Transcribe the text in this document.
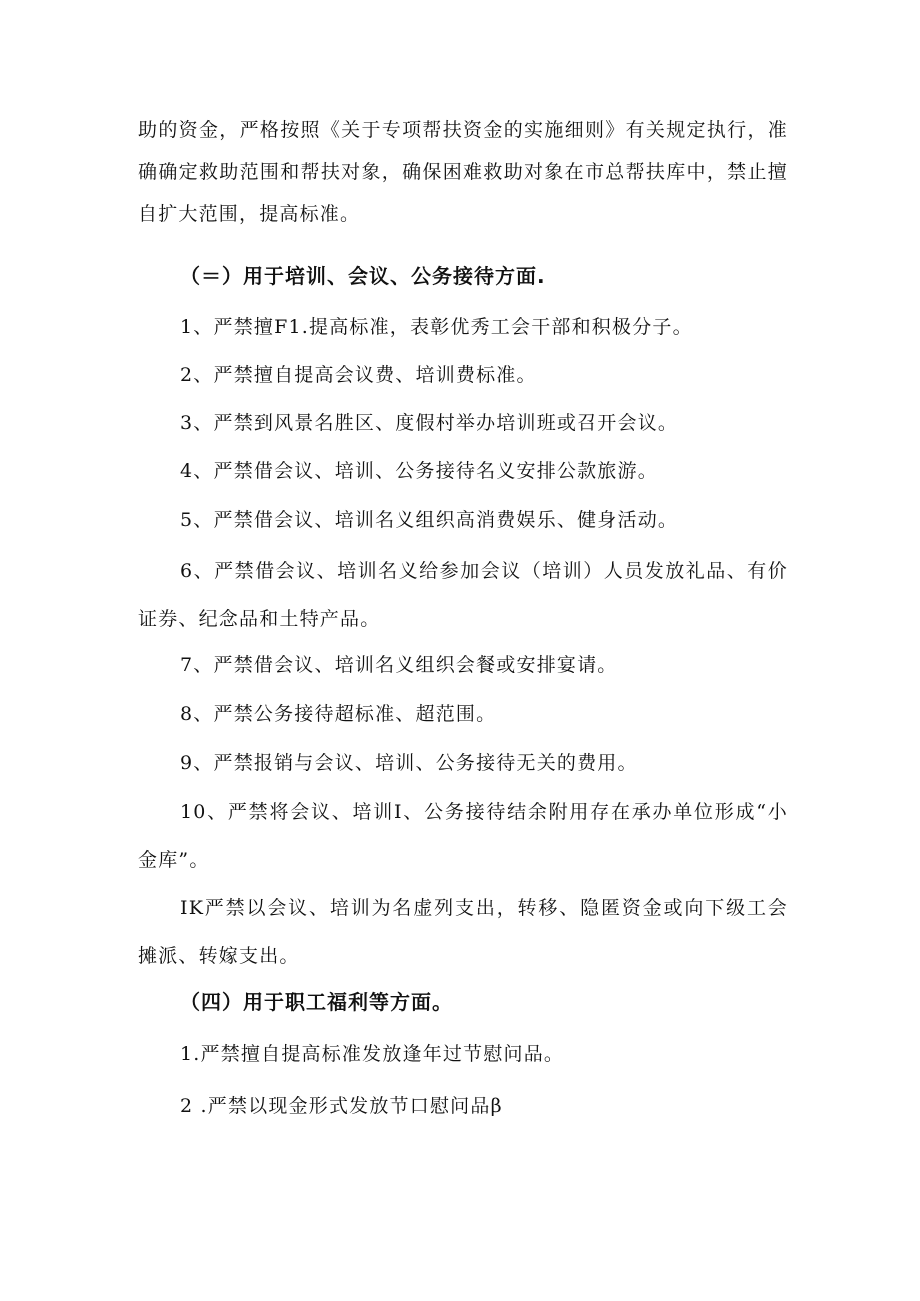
助的资金，严格按照《关于专项帮扶资金的实施细则》有关规定执行，准确确定救助范围和帮扶对象，确保困难救助对象在市总帮扶库中，禁止擅自扩大范围，提高标准。

（＝）用于培训、会议、公务接待方面.

1、严禁擅F1.提高标准，表彰优秀工会干部和积极分子。

2、严禁擅自提高会议费、培训费标准。

3、严禁到风景名胜区、度假村举办培训班或召开会议。

4、严禁借会议、培训、公务接待名义安排公款旅游。

5、严禁借会议、培训名义组织高消费娱乐、健身活动。

6、严禁借会议、培训名义给参加会议（培训）人员发放礼品、有价证券、纪念品和土特产品。

7、严禁借会议、培训名义组织会餐或安排宴请。

8、严禁公务接待超标准、超范围。

9、严禁报销与会议、培训、公务接待无关的费用。

10、严禁将会议、培训I、公务接待结余附用存在承办单位形成“小金库”。

IK严禁以会议、培训为名虚列支出，转移、隐匿资金或向下级工会摊派、转嫁支出。

（四）用于职工福利等方面。

1.严禁擅自提高标准发放逢年过节慰问品。

2 .严禁以现金形式发放节口慰问品β
